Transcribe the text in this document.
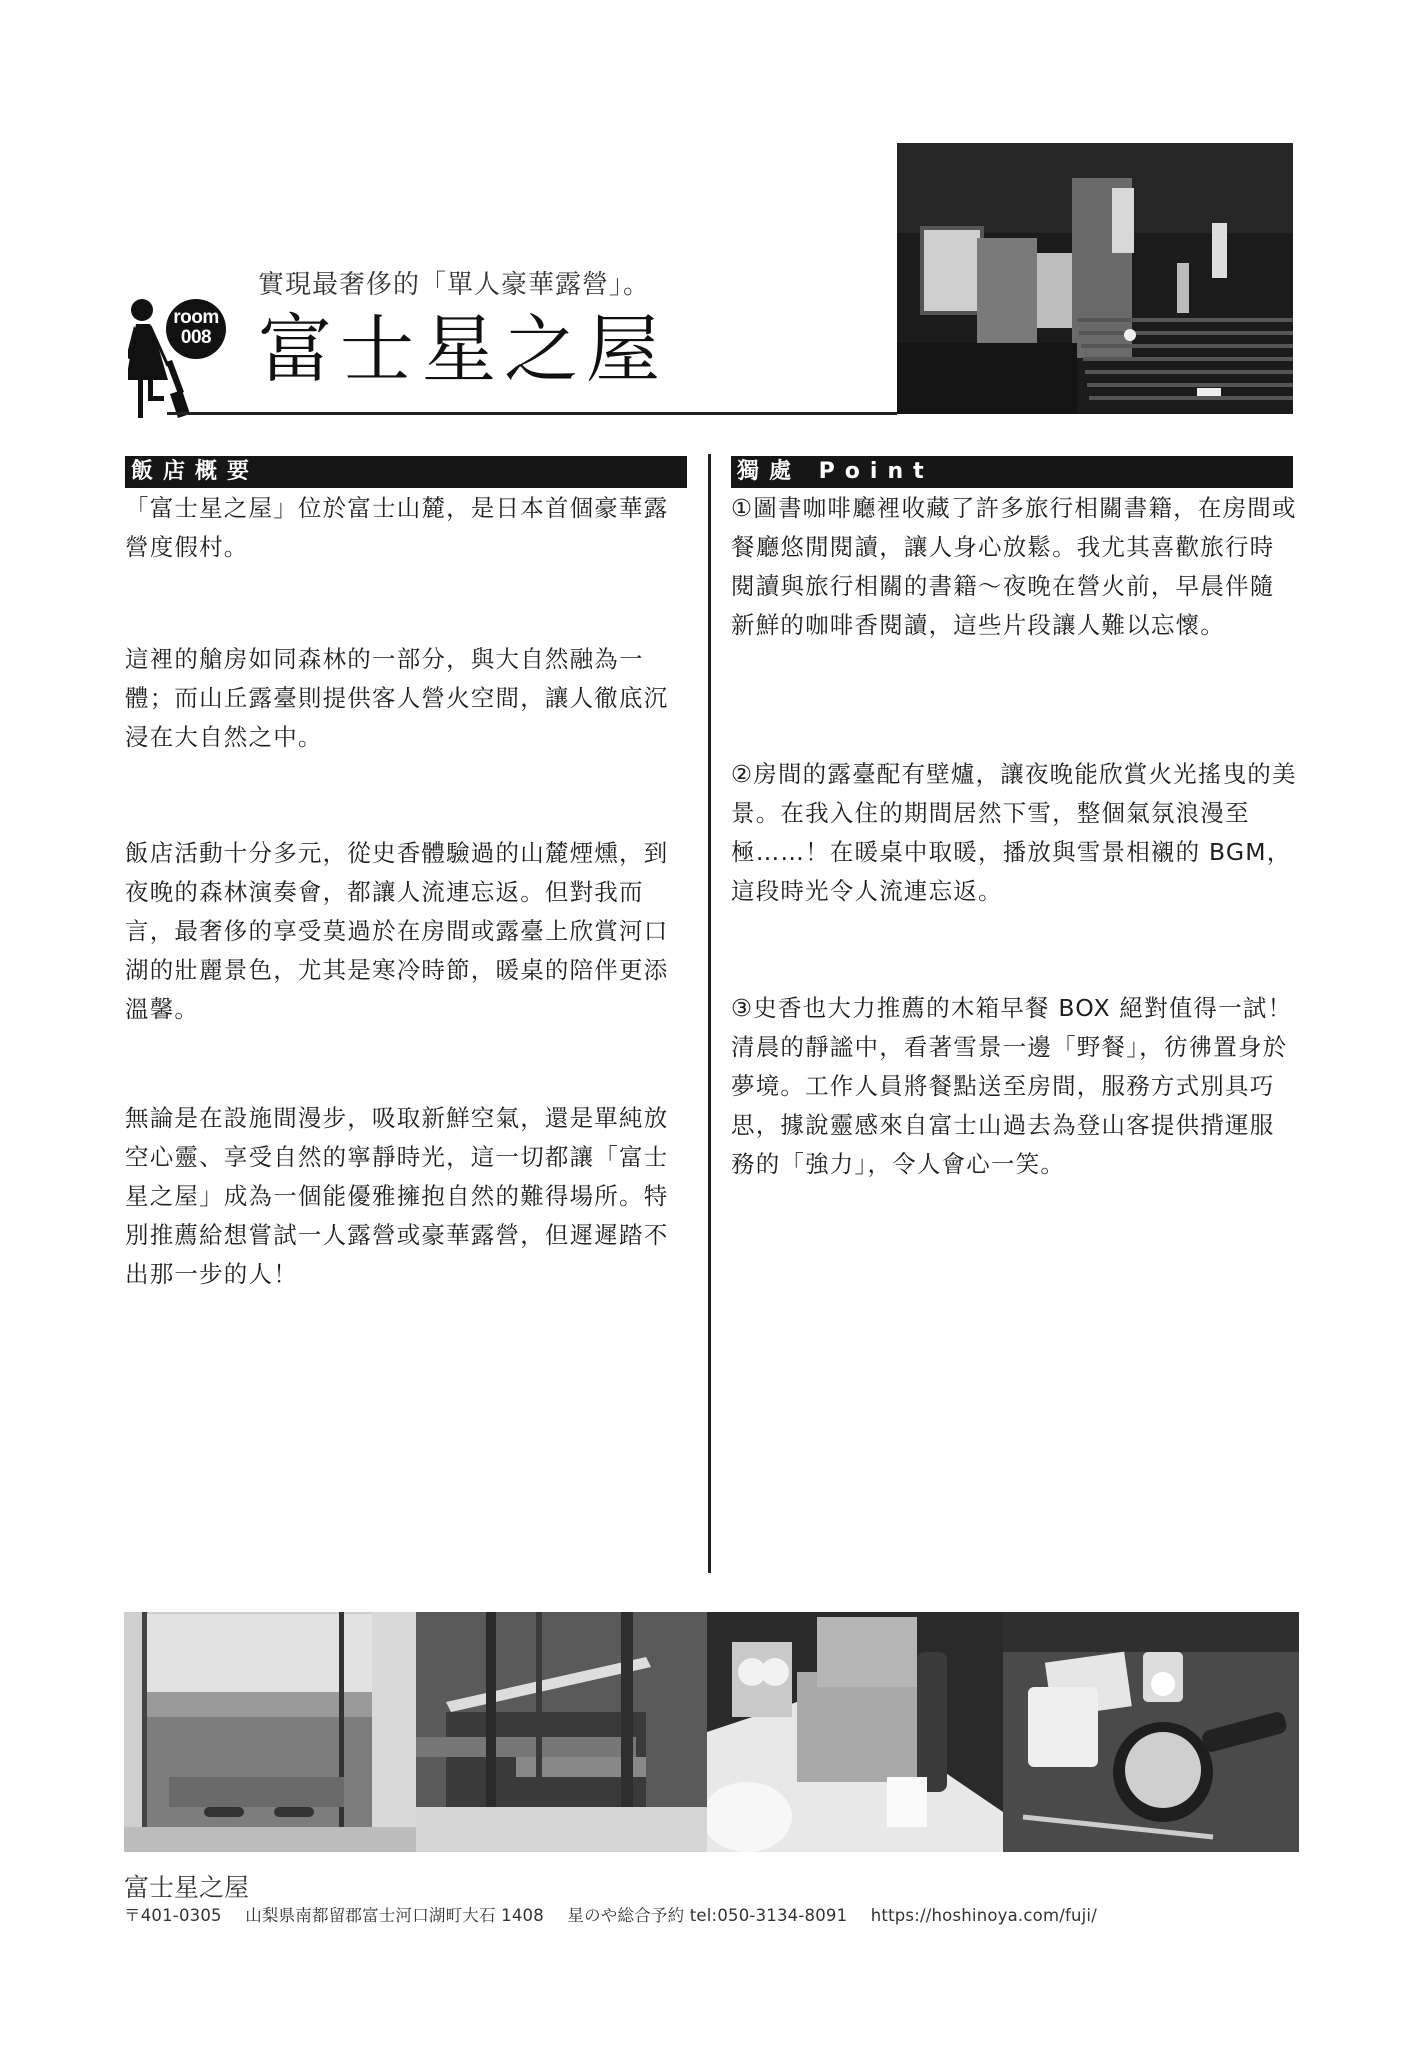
room
008
實現最奢侈的「單人豪華露營」。
富士星之屋
飯店概要	獨處 Point

「富士星之屋」位於富士山麓，是日本首個豪華露營度假村。

這裡的艙房如同森林的一部分，與大自然融為一體；而山丘露臺則提供客人營火空間，讓人徹底沉浸在大自然之中。

飯店活動十分多元，從史香體驗過的山麓煙燻，到夜晚的森林演奏會，都讓人流連忘返。但對我而言，最奢侈的享受莫過於在房間或露臺上欣賞河口湖的壯麗景色，尤其是寒冷時節，暖桌的陪伴更添溫馨。

無論是在設施間漫步，吸取新鮮空氣，還是單純放空心靈、享受自然的寧靜時光，這一切都讓「富士星之屋」成為一個能優雅擁抱自然的難得場所。特別推薦給想嘗試一人露營或豪華露營，但遲遲踏不出那一步的人！

①圖書咖啡廳裡收藏了許多旅行相關書籍，在房間或餐廳悠閒閱讀，讓人身心放鬆。我尤其喜歡旅行時閱讀與旅行相關的書籍～夜晚在營火前，早晨伴隨新鮮的咖啡香閱讀，這些片段讓人難以忘懷。

②房間的露臺配有壁爐，讓夜晚能欣賞火光搖曳的美景。在我入住的期間居然下雪，整個氣氛浪漫至極……！在暖桌中取暖，播放與雪景相襯的 BGM，這段時光令人流連忘返。

③史香也大力推薦的木箱早餐 BOX 絕對值得一試！清晨的靜謐中，看著雪景一邊「野餐」，彷彿置身於夢境。工作人員將餐點送至房間，服務方式別具巧思，據說靈感來自富士山過去為登山客提供揹運服務的「強力」，令人會心一笑。

富士星之屋
〒401-0305 山梨県南都留郡富士河口湖町大石 1408 星のや総合予約 tel:050-3134-8091 https://hoshinoya.com/fuji/
